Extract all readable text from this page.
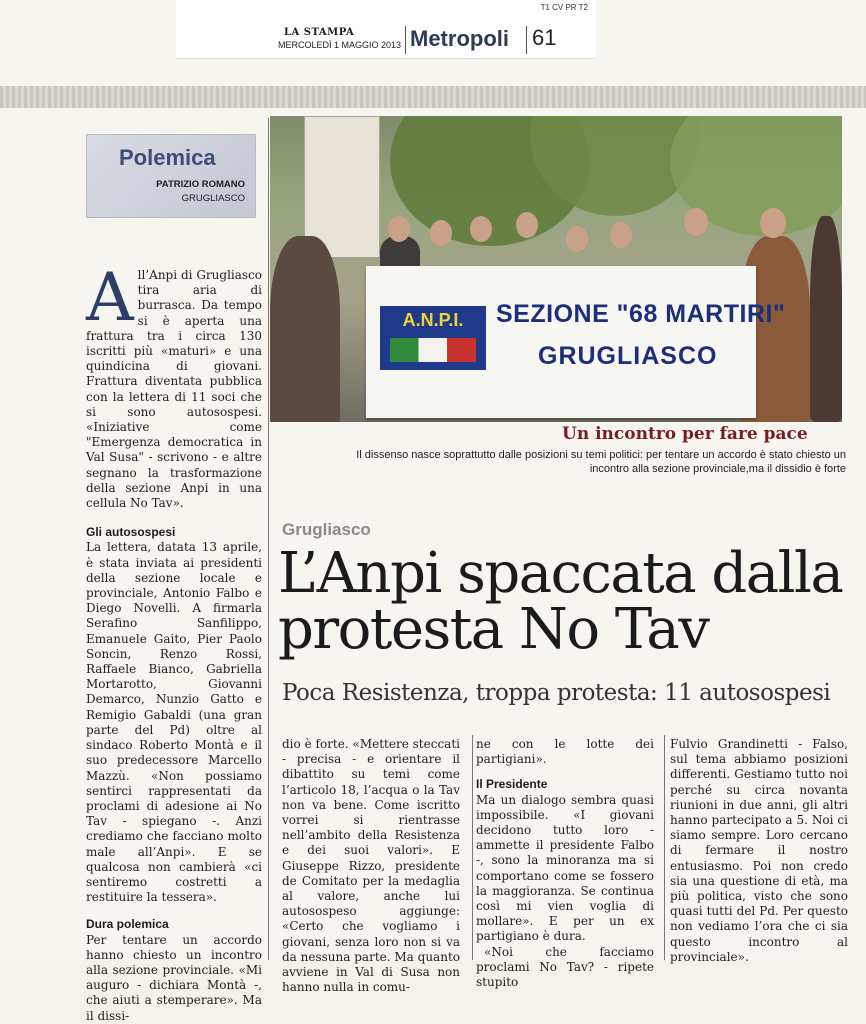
T1 CV PR T2
LA STAMPA
MERCOLEDÌ 1 MAGGIO 2013 Metropoli 61
Polemica
PATRIZIO ROMANO
GRUGLIASCO
All’Anpi di Grugliasco tira aria di burrasca. Da tempo si è aperta una frattura tra i circa 130 iscritti più «maturi» e una quindicina di giovani. Frattura diventata pubblica con la lettera di 11 soci che si sono autosospesi. «Iniziative come "Emergenza democratica in Val Susa" - scrivono - e altre segnano la trasformazione della sezione Anpi in una cellula No Tav».
Gli autosospesi
La lettera, datata 13 aprile, è stata inviata ai presidenti della sezione locale e provinciale, Antonio Falbo e Diego Novelli. A firmarla Serafino Sanfilippo, Emanuele Gaito, Pier Paolo Soncin, Renzo Rossi, Raffaele Bianco, Gabriella Mortarotto, Giovanni Demarco, Nunzio Gatto e Remigio Gabaldi (una gran parte del Pd) oltre al sindaco Roberto Montà e il suo predecessore Marcello Mazzù. «Non possiamo sentirci rappresentati da proclami di adesione ai No Tav - spiegano -. Anzi crediamo che facciano molto male all’Anpi». E se qualcosa non cambierà «ci sentiremo costretti a restituire la tessera».
Dura polemica
Per tentare un accordo hanno chiesto un incontro alla sezione provinciale. «Mi auguro - dichiara Montà -, che aiuti a stemperare». Ma il dissi-
A.N.P.I.	SEZIONE "68 MARTIRI"
GRUGLIASCO
Un incontro per fare pace
Il dissenso nasce soprattutto dalle posizioni su temi politici: per tentare un accordo è stato chiesto un incontro alla sezione provinciale,ma il dissidio è forte
Grugliasco
L’Anpi spaccata dalla protesta No Tav
Poca Resistenza, troppa protesta: 11 autosospesi
dio è forte. «Mettere steccati - precisa - e orientare il dibattito su temi come l’articolo 18, l’acqua o la Tav non va bene. Come iscritto vorrei si rientrasse nell’ambito della Resistenza e dei suoi valori». E Giuseppe Rizzo, presidente de Comitato per la medaglia al valore, anche lui autosospeso aggiunge: «Certo che vogliamo i giovani, senza loro non si va da nessuna parte. Ma quanto avviene in Val di Susa non hanno nulla in comu-
ne con le lotte dei partigiani».
Il Presidente
Ma un dialogo sembra quasi impossibile. «I giovani decidono tutto loro - ammette il presidente Falbo -, sono la minoranza ma si comportano come se fossero la maggioranza. Se continua così mi vien voglia di mollare». E per un ex partigiano è dura.
«Noi che facciamo proclami No Tav? - ripete stupito
Fulvio Grandinetti - Falso, sul tema abbiamo posizioni differenti. Gestiamo tutto noi perché su circa novanta riunioni in due anni, gli altri hanno partecipato a 5. Noi ci siamo sempre. Loro cercano di fermare il nostro entusiasmo. Poi non credo sia una questione di età, ma più politica, visto che sono quasi tutti del Pd. Per questo non vediamo l’ora che ci sia questo incontro al provinciale».
